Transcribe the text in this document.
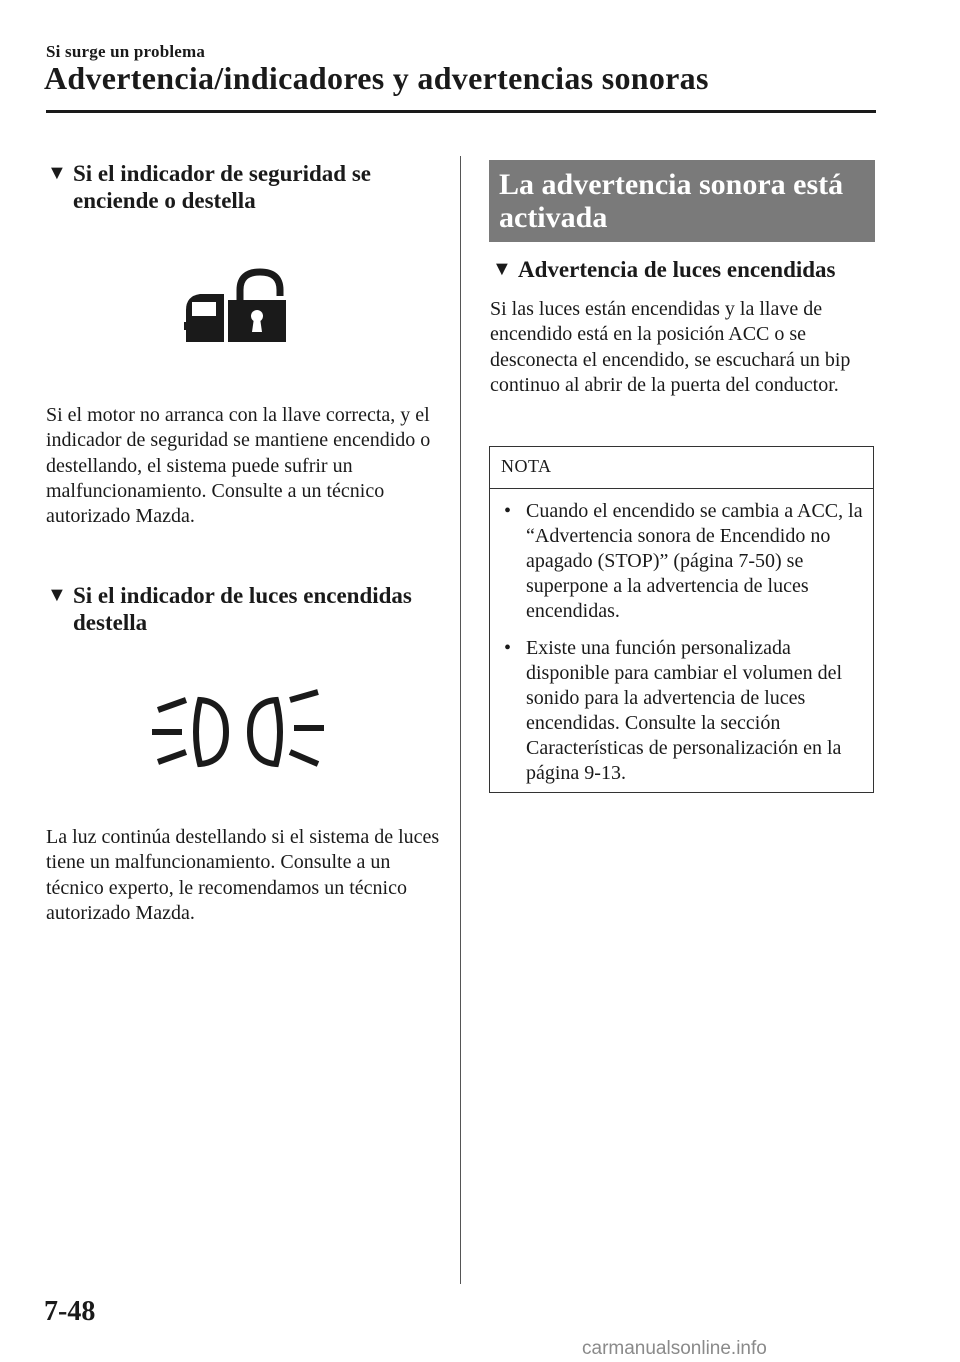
Si surge un problema
Advertencia/indicadores y advertencias sonoras
▼ Si el indicador de seguridad se enciende o destella
Si el motor no arranca con la llave correcta, y el indicador de seguridad se mantiene encendido o destellando, el sistema puede sufrir un malfuncionamiento. Consulte a un técnico autorizado Mazda.
▼ Si el indicador de luces encendidas destella
La luz continúa destellando si el sistema de luces tiene un malfuncionamiento. Consulte a un técnico experto, le recomendamos un técnico autorizado Mazda.
La advertencia sonora está activada
▼ Advertencia de luces encendidas
Si las luces están encendidas y la llave de encendido está en la posición ACC o se desconecta el encendido, se escuchará un bip continuo al abrir de la puerta del conductor.
NOTA
• Cuando el encendido se cambia a ACC, la “Advertencia sonora de Encendido no apagado (STOP)” (página 7-50) se superpone a la advertencia de luces encendidas.
• Existe una función personalizada disponible para cambiar el volumen del sonido para la advertencia de luces encendidas. Consulte la sección Características de personalización en la página 9-13.
7-48
carmanualsonline.info
